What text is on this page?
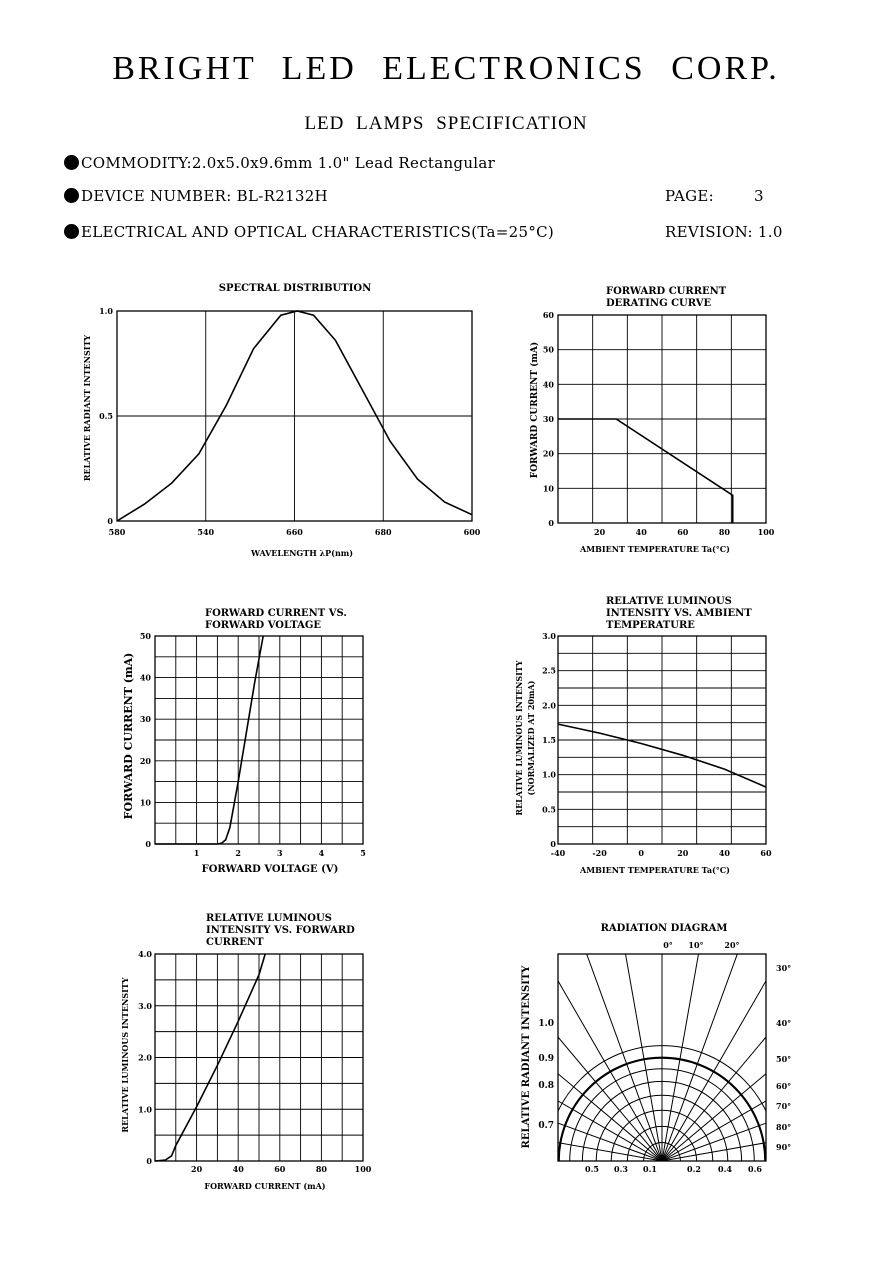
BRIGHT LED ELECTRONICS CORP.
LED LAMPS SPECIFICATION
COMMODITY:2.0x5.0x9.6mm 1.0" Lead Rectangular
DEVICE NUMBER: BL-R2132H	PAGE:	3
ELECTRICAL AND OPTICAL CHARACTERISTICS(Ta=25°C)	REVISION: 1.0
SPECTRAL DISTRIBUTION
RELATIVE RADIANT INTENSITY
WAVELENGTH λP(nm)
580	540	660	680	600
0
0.5
1.0
FORWARD CURRENT (mA)
AMBIENT TEMPERATURE Ta(°C)
20	40	60	80	100
0
10
20
30
40
50
60
FORWARD CURRENT
DERATING CURVE
FORWARD CURRENT (mA)
FORWARD VOLTAGE (V)
1	2	3	4	5
0
10
20
30
40
50
FORWARD CURRENT VS.
FORWARD VOLTAGE
RELATIVE LUMINOUS INTENSITY (NORMALIZED AT 20mA)
AMBIENT TEMPERATURE Ta(°C)
-40	-20	0	20	40	60
0
0.5
1.0
1.5
2.0
2.5
3.0
RELATIVE LUMINOUS
INTENSITY VS. AMBIENT
TEMPERATURE
RELATIVE LUMINOUS INTENSITY
FORWARD CURRENT (mA)
20	40	60	80	100
0
1.0
2.0
3.0
4.0
RELATIVE LUMINOUS
INTENSITY VS. FORWARD
CURRENT
RADIATION DIAGRAM
RELATIVE RADIANT INTENSITY 1.0
0.9
0.8
0.7
0.5 0.3 0.1	0.2 0.4 0.6
0° 10°	20°
30°
40°
50°
60°
70°
80°
90°
